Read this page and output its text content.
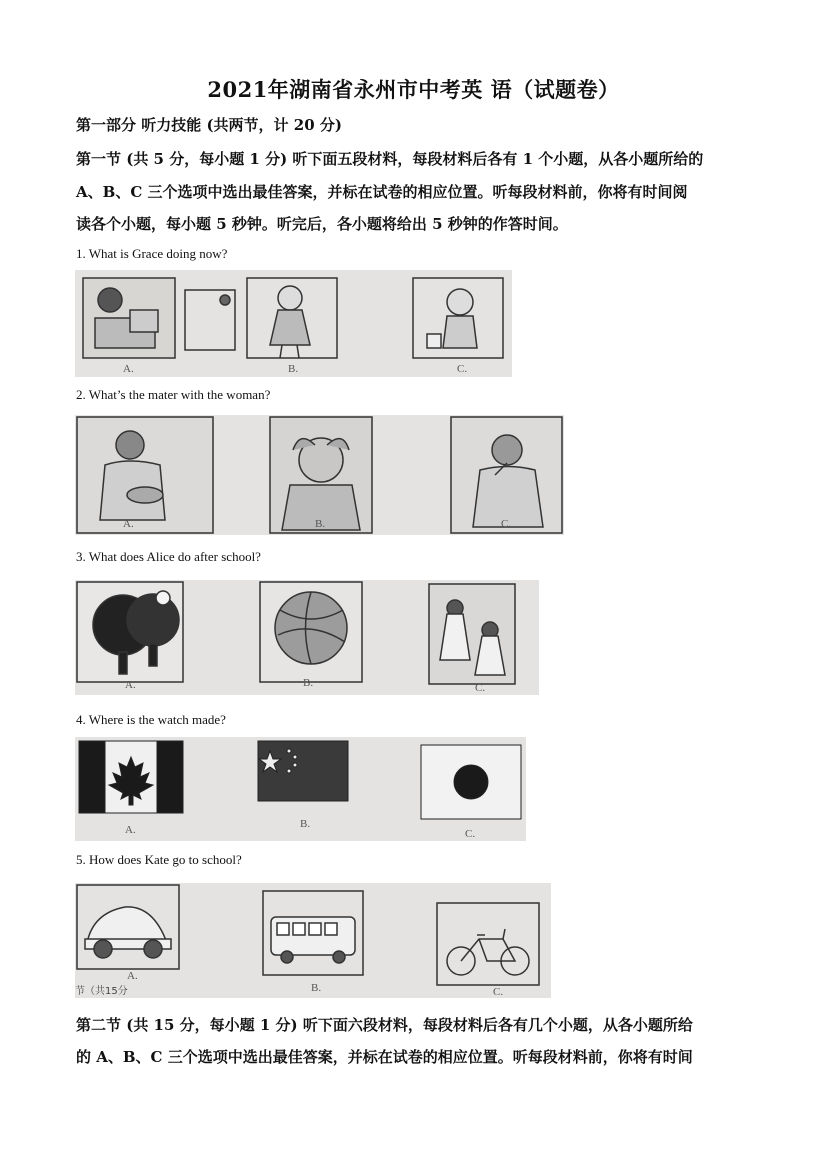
2021年湖南省永州市中考英 语（试题卷）
第一部分 听力技能 (共两节，计 20 分)
第一节 (共 5 分，每小题 1 分) 听下面五段材料，每段材料后各有 1 个小题，从各小题所给的
A、B、C 三个选项中选出最佳答案，并标在试卷的相应位置。听每段材料前，你将有时间阅
读各个小题，每小题 5 秒钟。听完后，各小题将给出 5 秒钟的作答时间。
1. What is Grace doing now?
A.	B.	C.
2. What’s the mater with the woman?
A.	B.	C.
3. What does Alice do after school?
A.	B.	C.
4. Where is the watch made?
A.	B.
C.
5. How does Kate go to school?
A.
B.	C.
节（共15分
第二节 (共 15 分，每小题 1 分) 听下面六段材料，每段材料后各有几个小题，从各小题所给
的 A、B、C 三个选项中选出最佳答案，并标在试卷的相应位置。听每段材料前，你将有时间
